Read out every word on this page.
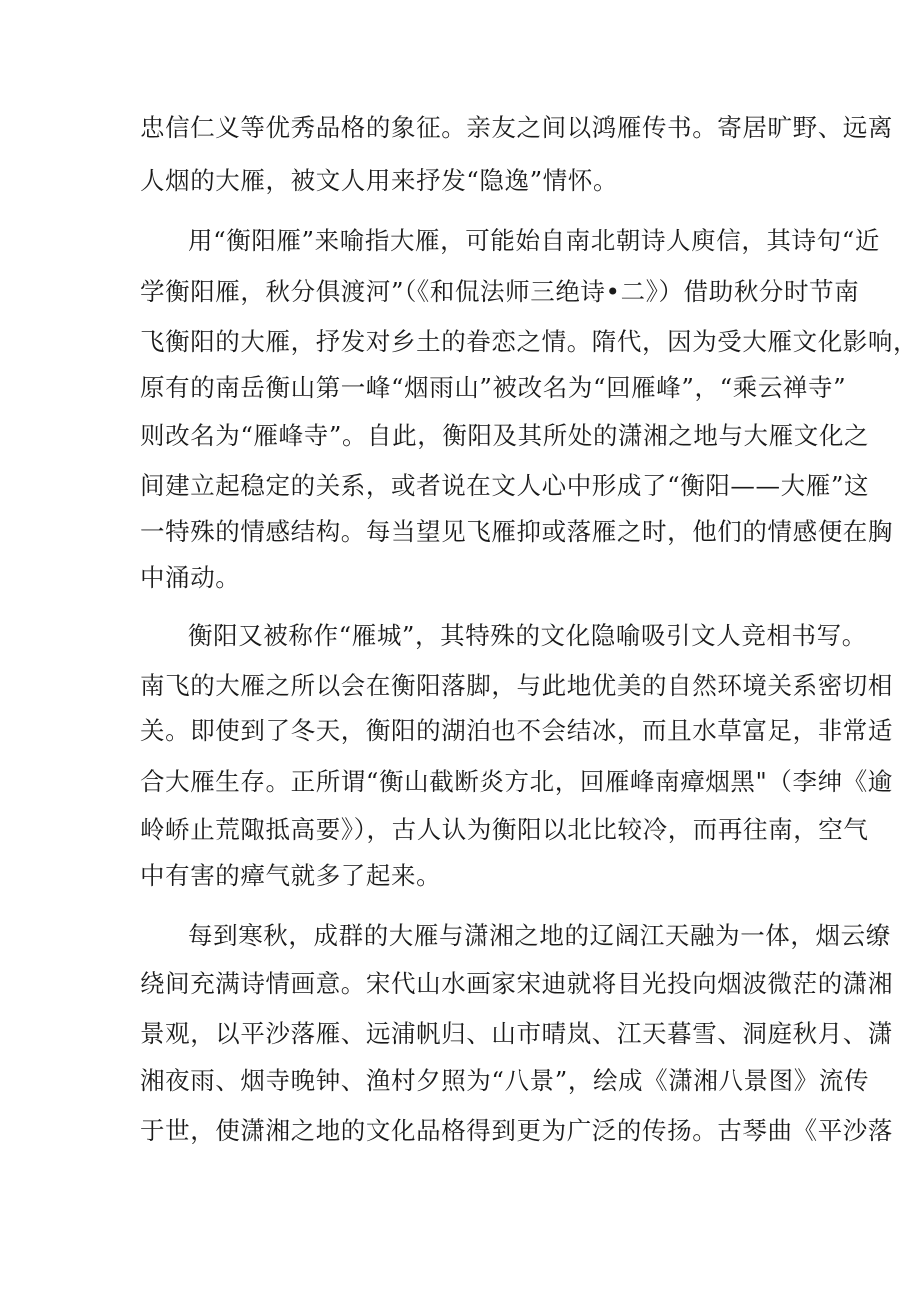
忠信仁义等优秀品格的象征。亲友之间以鸿雁传书。寄居旷野、远离
人烟的大雁，被文人用来抒发“隐逸”情怀。
用“衡阳雁”来喻指大雁，可能始自南北朝诗人庾信，其诗句“近
学衡阳雁，秋分俱渡河”（《和侃法师三绝诗•二》）借助秋分时节南
飞衡阳的大雁，抒发对乡土的眷恋之情。隋代，因为受大雁文化影响，
原有的南岳衡山第一峰“烟雨山”被改名为“回雁峰”，“乘云禅寺”
则改名为“雁峰寺”。自此，衡阳及其所处的潇湘之地与大雁文化之
间建立起稳定的关系，或者说在文人心中形成了“衡阳——大雁”这
一特殊的情感结构。每当望见飞雁抑或落雁之时，他们的情感便在胸
中涌动。
衡阳又被称作“雁城”，其特殊的文化隐喻吸引文人竞相书写。
南飞的大雁之所以会在衡阳落脚，与此地优美的自然环境关系密切相
关。即使到了冬天，衡阳的湖泊也不会结冰，而且水草富足，非常适
合大雁生存。正所谓“衡山截断炎方北，回雁峰南瘴烟黑"（李绅《逾
岭峤止荒陬抵高要》），古人认为衡阳以北比较冷，而再往南，空气
中有害的瘴气就多了起来。
每到寒秋，成群的大雁与潇湘之地的辽阔江天融为一体，烟云缭
绕间充满诗情画意。宋代山水画家宋迪就将目光投向烟波微茫的潇湘
景观，以平沙落雁、远浦帆归、山市晴岚、江天暮雪、洞庭秋月、潇
湘夜雨、烟寺晚钟、渔村夕照为“八景”，绘成《潇湘八景图》流传
于世，使潇湘之地的文化品格得到更为广泛的传扬。古琴曲《平沙落
